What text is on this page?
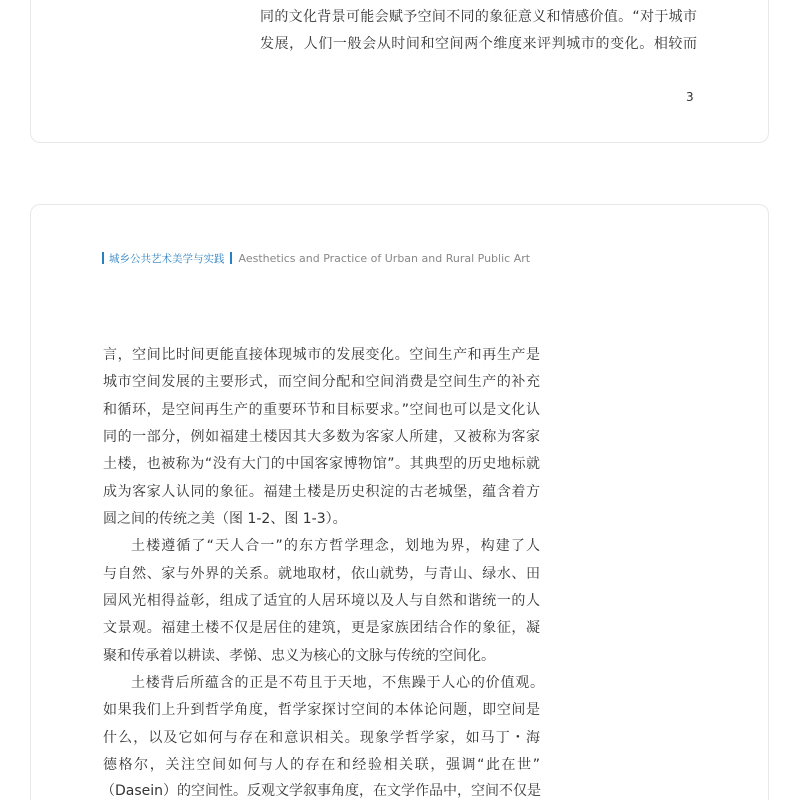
同的文化背景可能会赋予空间不同的象征意义和情感价值。“对于城市
发展，人们一般会从时间和空间两个维度来评判城市的变化。相较而
3
城乡公共艺术美学与实践 Aesthetics and Practice of Urban and Rural Public Art
言，空间比时间更能直接体现城市的发展变化。空间生产和再生产是
城市空间发展的主要形式，而空间分配和空间消费是空间生产的补充
和循环，是空间再生产的重要环节和目标要求。”空间也可以是文化认
同的一部分，例如福建土楼因其大多数为客家人所建，又被称为客家
土楼，也被称为“没有大门的中国客家博物馆”。其典型的历史地标就
成为客家人认同的象征。福建土楼是历史积淀的古老城堡，蕴含着方
圆之间的传统之美（图 1-2、图 1-3）。
土楼遵循了“天人合一”的东方哲学理念，划地为界，构建了人
与自然、家与外界的关系。就地取材，依山就势，与青山、绿水、田
园风光相得益彰，组成了适宜的人居环境以及人与自然和谐统一的人
文景观。福建土楼不仅是居住的建筑，更是家族团结合作的象征，凝
聚和传承着以耕读、孝悌、忠义为核心的文脉与传统的空间化。
土楼背后所蕴含的正是不苟且于天地，不焦躁于人心的价值观。
如果我们上升到哲学角度，哲学家探讨空间的本体论问题，即空间是
什么，以及它如何与存在和意识相关。现象学哲学家，如马丁・海
德格尔，关注空间如何与人的存在和经验相关联，强调“此在世”
（Dasein）的空间性。反观文学叙事角度，在文学作品中，空间不仅是
